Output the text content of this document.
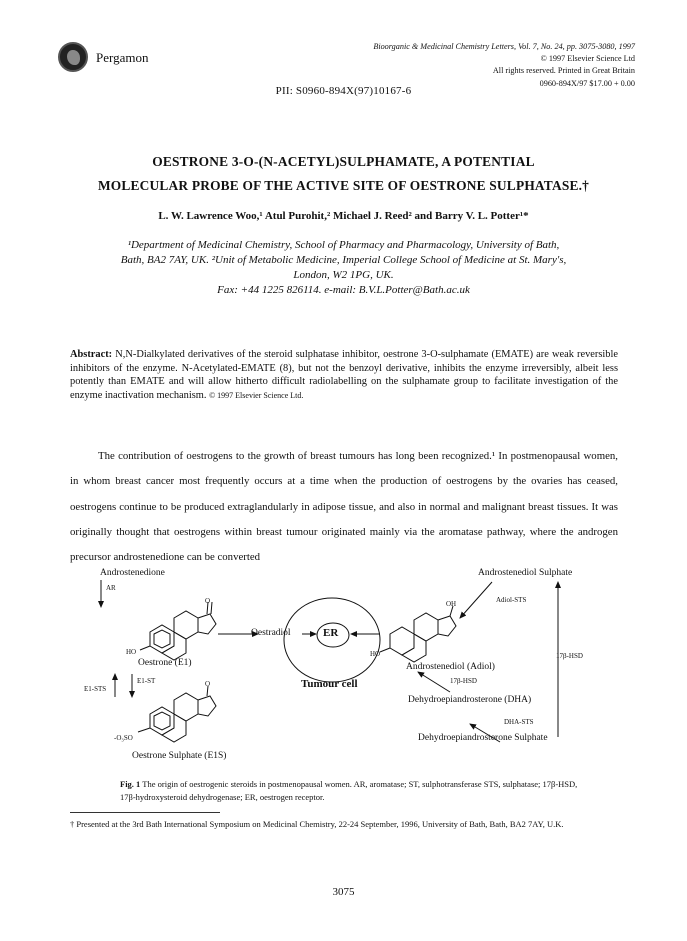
Pergamon
Bioorganic & Medicinal Chemistry Letters, Vol. 7, No. 24, pp. 3075-3080, 1997
© 1997 Elsevier Science Ltd
All rights reserved. Printed in Great Britain
0960-894X/97 $17.00 + 0.00
PII: S0960-894X(97)10167-6
OESTRONE 3-O-(N-ACETYL)SULPHAMATE, A POTENTIAL
MOLECULAR PROBE OF THE ACTIVE SITE OF OESTRONE SULPHATASE.†
L. W. Lawrence Woo,¹ Atul Purohit,² Michael J. Reed² and Barry V. L. Potter¹*
¹Department of Medicinal Chemistry, School of Pharmacy and Pharmacology, University of Bath,
Bath, BA2 7AY, UK. ²Unit of Metabolic Medicine, Imperial College School of Medicine at St. Mary's,
London, W2 1PG, UK.
Fax: +44 1225 826114. e-mail: B.V.L.Potter@Bath.ac.uk
Abstract: N,N-Dialkylated derivatives of the steroid sulphatase inhibitor, oestrone 3-O-sulphamate (EMATE) are weak reversible inhibitors of the enzyme. N-Acetylated-EMATE (8), but not the benzoyl derivative, inhibits the enzyme irreversibly, albeit less potently than EMATE and will allow hitherto difficult radiolabelling on the sulphamate group to facilitate investigation of the enzyme inactivation mechanism. © 1997 Elsevier Science Ltd.

The contribution of oestrogens to the growth of breast tumours has long been recognized.¹ In postmenopausal women, in whom breast cancer most frequently occurs at a time when the production of oestrogens by the ovaries has ceased, oestrogens continue to be produced extraglandularly in adipose tissue, and also in normal and malignant breast tissues. It was originally thought that oestrogens within breast tumour originated mainly via the aromatase pathway, where the androgen precursor androstenedione can be converted

Androstenedione
AR
O
HO
Oestrone (E1)
Oestradiol	ER
Tumour cell
E1-STS
E1-ST	O
-O₃SO
Oestrone Sulphate (E1S)
Androstenediol Sulphate
Adiol-STS
OH
HO
Androstenediol (Adiol)
17β-HSD
17β-HSD
Dehydroepiandrosterone (DHA)
DHA-STS
Dehydroepiandrosterone Sulphate
Fig. 1 The origin of oestrogenic steroids in postmenopausal women. AR, aromatase; ST, sulphotransferase STS, sulphatase; 17β-HSD, 17β-hydroxysteroid dehydrogenase; ER, oestrogen receptor.
† Presented at the 3rd Bath International Symposium on Medicinal Chemistry, 22-24 September, 1996, University of Bath, Bath, BA2 7AY, U.K.
3075
